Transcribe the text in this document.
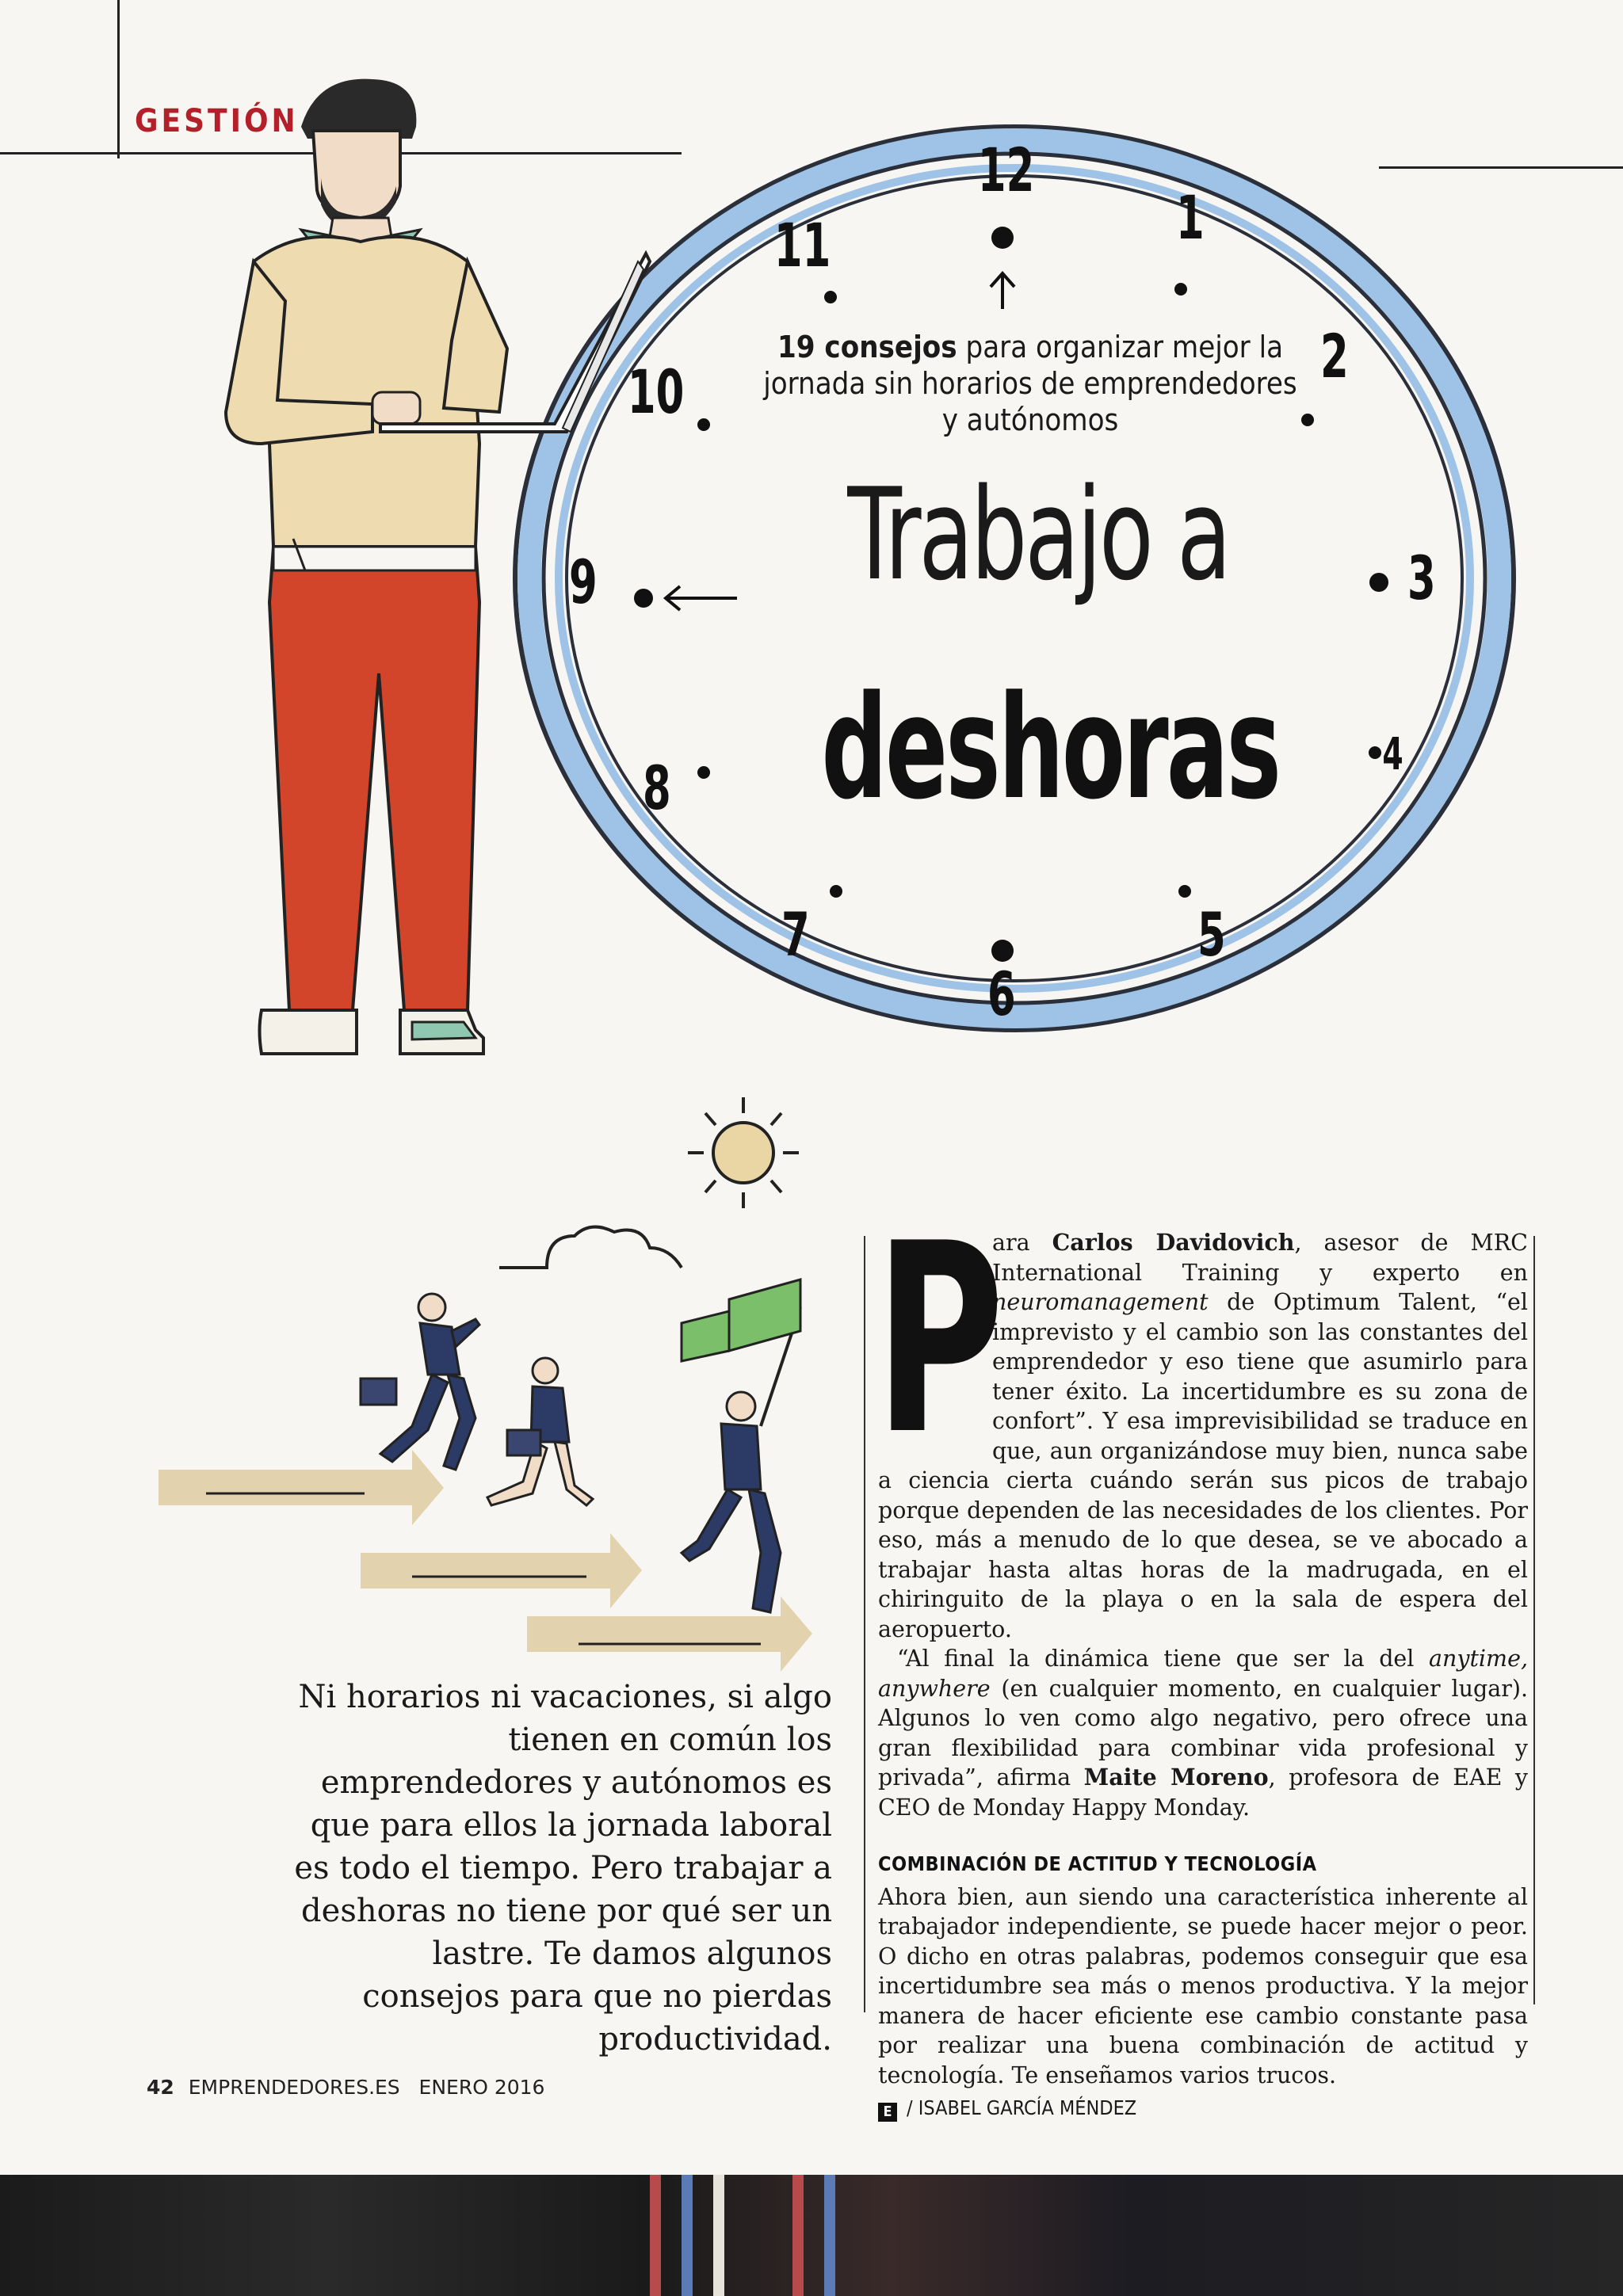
GESTIÓN
12
1
2
3
4
5
6
7
8
9
10
11
19 consejos para organizar mejor la jornada sin horarios de emprendedores y autónomos
Trabajo a
deshoras
Ni horarios ni vacaciones, si algo tienen en común los emprendedores y autónomos es que para ellos la jornada laboral es todo el tiempo. Pero trabajar a deshoras no tiene por qué ser un lastre. Te damos algunos consejos para que no pierdas productividad.
P

ara Carlos Davidovich, asesor de MRC International Training y experto en neuromanagement de Optimum Talent, “el imprevisto y el cambio son las constantes del emprendedor y eso tiene que asumirlo para tener éxito. La incertidumbre es su zona de confort”. Y esa imprevisibilidad se traduce en que, aun organizándose muy bien, nunca sabe a ciencia cierta cuándo serán sus picos de trabajo porque dependen de las necesidades de los clientes. Por eso, más a menudo de lo que desea, se ve abocado a trabajar hasta altas horas de la madrugada, en el chiringuito de la playa o en la sala de espera del aeropuerto.

“Al final la dinámica tiene que ser la del anytime, anywhere (en cualquier momento, en cualquier lugar). Algunos lo ven como algo negativo, pero ofrece una gran flexibilidad para combinar vida profesional y privada”, afirma Maite Moreno, profesora de EAE y CEO de Monday Happy Monday.

COMBINACIÓN DE ACTITUD Y TECNOLOGÍA

Ahora bien, aun siendo una característica inherente al trabajador independiente, se puede hacer mejor o peor. O dicho en otras palabras, podemos conseguir que esa incertidumbre sea más o menos productiva. Y la mejor manera de hacer eficiente ese cambio constante pasa por realizar una buena combinación de actitud y tecnología. Te enseñamos varios trucos.

E / ISABEL GARCÍA MÉNDEZ
42 EMPRENDEDORES.ES ENERO 2016
